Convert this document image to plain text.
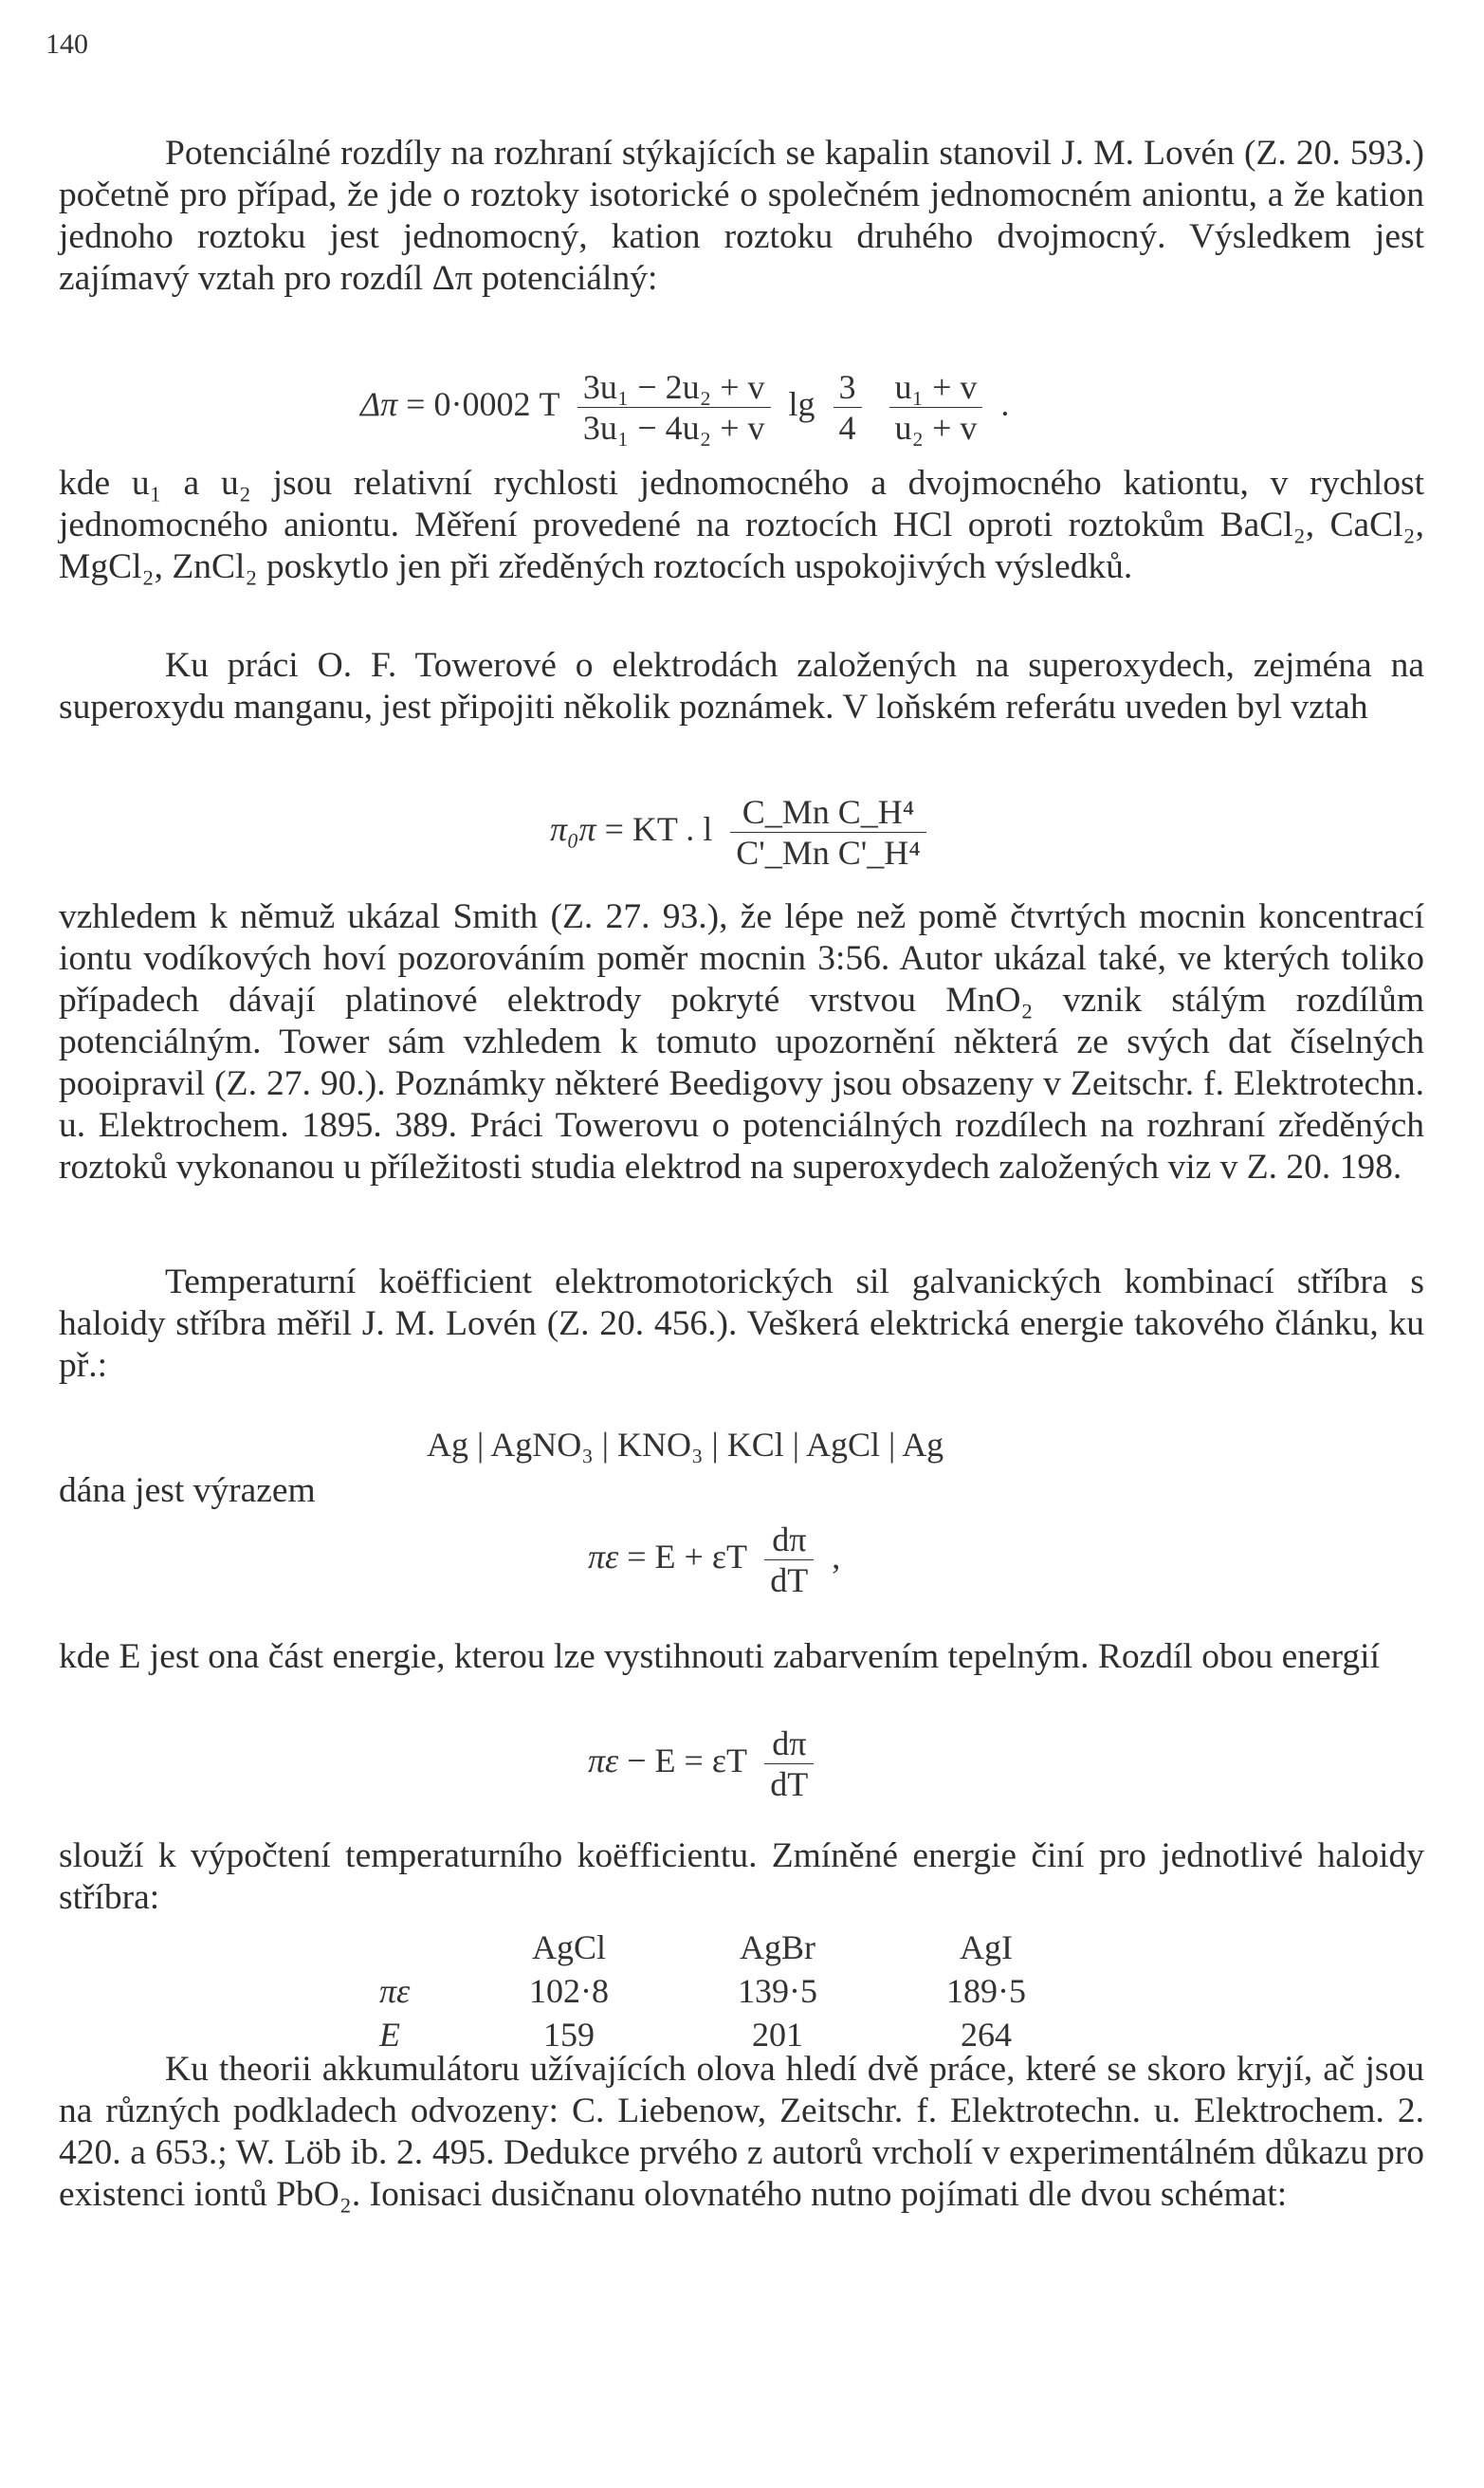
140
Potenciálné rozdíly na rozhraní stýkajících se kapalin stanovil J. M. Lovén (Z. 20. 593.) početně pro případ, že jde o roztoky isotorické o společném jednomocném aniontu, a že kation jednoho roztoku jest jednomocný, kation roztoku druhého dvojmocný. Výsledkem jest zajímavý vztah pro rozdíl Δπ potenciálný:
Δπ = 0·0002 T $\frac{\text{3u₁ − 2u₂ + v}}{\text{3u₁ − 4u₂ + v}}$ $\lg \frac{3}{4}$
$\frac{\text{u₁ + v}}{\text{u₂ + v}}$ .
kde u₁ a u₂ jsou relativní rychlosti jednomocného a dvojmocného kationtu, v rychlost jednomocného aniontu. Měření provedené na roztocích HCl oproti roztokům BaCl₂, CaCl₂, MgCl₂, ZnCl₂ poskytlo jen při zředěných roztocích uspokojivých výsledků.
Ku práci O. F. Towerové o elektrodách založených na superoxydech, zejména na superoxydu manganu, jest připojiti několik poznámek. V loňském referátu uveden byl vztah
π₀π = KT . l $\frac{\text{C\_Mn C\_H⁴}}{\text{C'\_Mn C'\_H⁴}}$
vzhledem k němuž ukázal Smith (Z. 27. 93.), že lépe než pomě čtvrtých mocnin koncentrací iontu vodíkových hoví pozorováním poměr mocnin 3:56. Autor ukázal také, ve kterých toliko případech dávají platinové elektrody pokryté vrstvou MnO₂ vznik stálým rozdílům potenciálným. Tower sám vzhledem k tomuto upozornění některá ze svých dat číselných pooipravil (Z. 27. 90.). Poznámky některé Beedigovy jsou obsazeny v Zeitschr. f. Elektrotechn. u. Elektrochem. 1895. 389. Práci Towerovu o potenciálných rozdílech na rozhraní zředěných roztoků vykonanou u příležitosti studia elektrod na superoxydech založených viz v Z. 20. 198.
Temperaturní koëfficient elektromotorických sil galvanických kombinací stříbra s haloidy stříbra měřil J. M. Lovén (Z. 20. 456.). Veškerá elektrická energie takového článku, ku př.:
Ag | AgNO₃ | KNO₃ | KCl | AgCl | Ag
dána jest výrazem
πε = E + εT $\frac{d\pi}{dT}$ ,
kde E jest ona část energie, kterou lze vystihnouti zabarvením tepelným. Rozdíl obou energií
πε − E = εT $\frac{d\pi}{dT}$
slouží k výpočtení temperaturního koëfficientu. Zmíněné energie činí pro jednotlivé haloidy stříbra:
	AgCl	AgBr	AgI
πε	102·8	139·5	189·5
E	159	201	264
Ku theorii akkumulátoru užívajících olova hledí dvě práce, které se skoro kryjí, ač jsou na různých podkladech odvozeny: C. Liebenow, Zeitschr. f. Elektrotechn. u. Elektrochem. 2. 420. a 653.; W. Löb ib. 2. 495. Dedukce prvého z autorů vrcholí v experimentálném důkazu pro existenci iontů PbO₂. Ionisaci dusičnanu olovnatého nutno pojímati dle dvou schémat:
